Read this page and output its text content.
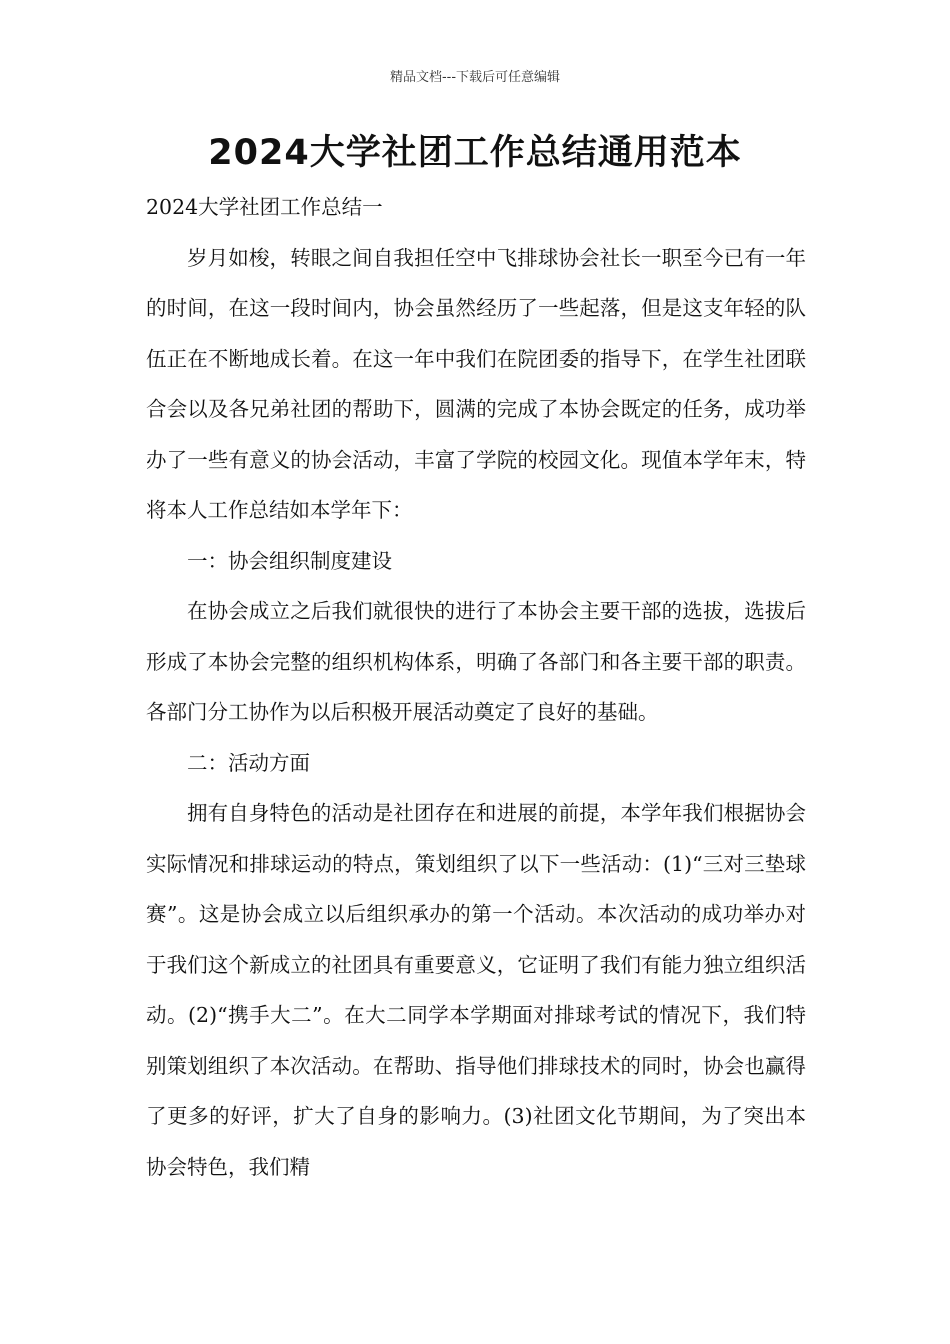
精品文档---下载后可任意编辑
2024大学社团工作总结通用范本

2024大学社团工作总结一

岁月如梭，转眼之间自我担任空中飞排球协会社长一职至今已有一年的时间，在这一段时间内，协会虽然经历了一些起落，但是这支年轻的队伍正在不断地成长着。在这一年中我们在院团委的指导下，在学生社团联合会以及各兄弟社团的帮助下，圆满的完成了本协会既定的任务，成功举办了一些有意义的协会活动，丰富了学院的校园文化。现值本学年末，特将本人工作总结如本学年下：

一：协会组织制度建设

在协会成立之后我们就很快的进行了本协会主要干部的选拔，选拔后形成了本协会完整的组织机构体系，明确了各部门和各主要干部的职责。各部门分工协作为以后积极开展活动奠定了良好的基础。

二：活动方面

拥有自身特色的活动是社团存在和进展的前提，本学年我们根据协会实际情况和排球运动的特点，策划组织了以下一些活动：(1)“三对三垫球赛”。这是协会成立以后组织承办的第一个活动。本次活动的成功举办对于我们这个新成立的社团具有重要意义，它证明了我们有能力独立组织活动。(2)“携手大二”。在大二同学本学期面对排球考试的情况下，我们特别策划组织了本次活动。在帮助、指导他们排球技术的同时，协会也赢得了更多的好评，扩大了自身的影响力。(3)社团文化节期间，为了突出本协会特色，我们精
